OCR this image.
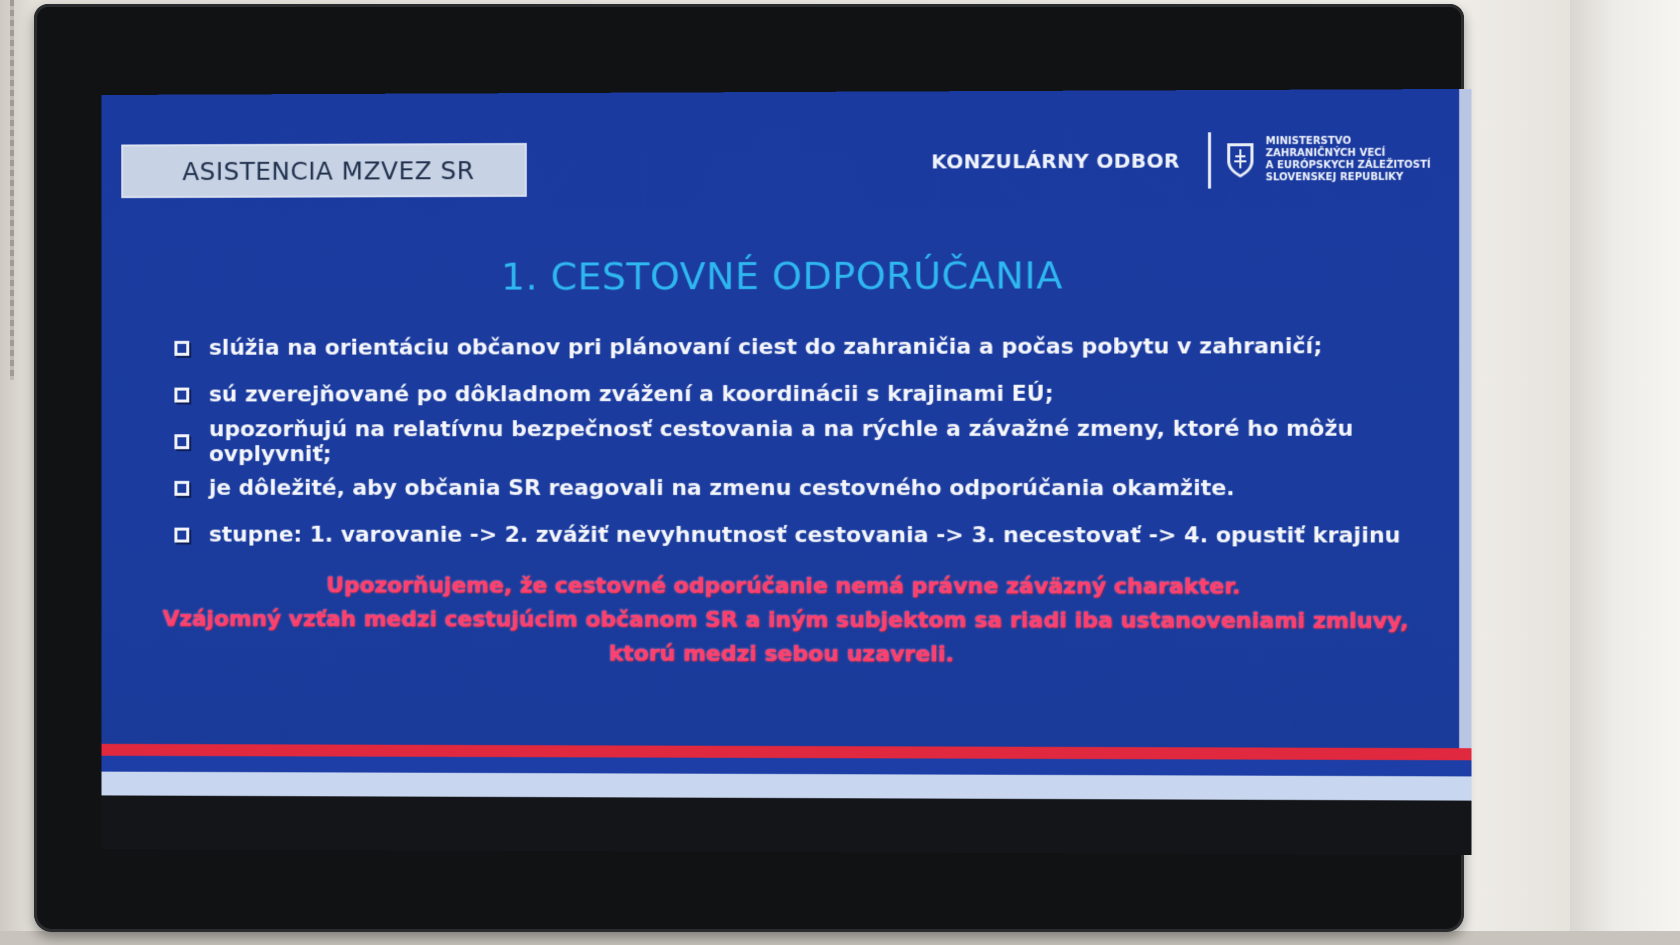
ASISTENCIA MZVEZ SR	KONZULÁRNY ODBOR
MINISTERSTVO
ZAHRANIČNÝCH VECÍ
A EURÓPSKYCH ZÁLEŽITOSTÍ
SLOVENSKEJ REPUBLIKY
1. CESTOVNÉ ODPORÚČANIA
slúžia na orientáciu občanov pri plánovaní ciest do zahraničia a počas pobytu v zahraničí;
sú zverejňované po dôkladnom zvážení a koordinácii s krajinami EÚ;
upozorňujú na relatívnu bezpečnosť cestovania a na rýchle a závažné zmeny, ktoré ho môžu ovplyvniť;
je dôležité, aby občania SR reagovali na zmenu cestovného odporúčania okamžite.
stupne: 1. varovanie -> 2. zvážiť nevyhnutnosť cestovania -> 3. necestovať -> 4. opustiť krajinu
Upozorňujeme, že cestovné odporúčanie nemá právne záväzný charakter.
Vzájomný vzťah medzi cestujúcim občanom SR a iným subjektom sa riadi iba ustanoveniami zmluvy,
ktorú medzi sebou uzavreli.
